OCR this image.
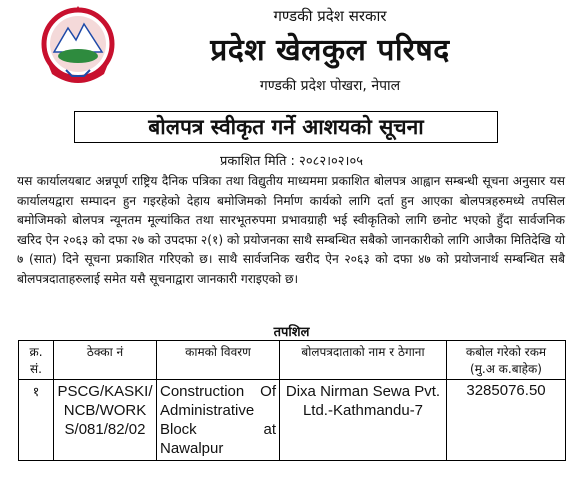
गण्डकी प्रदेश सरकार
प्रदेश खेलकुल परिषद
गण्डकी प्रदेश पोखरा, नेपाल
बोलपत्र स्वीकृत गर्ने आशयको सूचना
प्रकाशित मिति : २०८२।०२।०५

यस कार्यालयबाट अन्नपूर्ण राष्ट्रिय दैनिक पत्रिका तथा विद्युतीय माध्यममा प्रकाशित बोलपत्र आह्वान सम्बन्धी सूचना अनुसार यस कार्यालयद्वारा सम्पादन हुन गइरहेको देहाय बमोजिमको निर्माण कार्यको लागि दर्ता हुन आएका बोलपत्रहरुमध्ये तपसिल बमोजिमको बोलपत्र न्यूनतम मूल्यांकित तथा सारभूतरुपमा प्रभावग्राही भई स्वीकृतिको लागि छनोट भएको हुँदा सार्वजनिक खरिद ऐन २०६३ को दफा २७ को उपदफा २(१) को प्रयोजनका साथै सम्बन्धित सबैको जानकारीको लागि आजैका मितिदेखि यो ७ (सात) दिने सूचना प्रकाशित गरिएको छ। साथै सार्वजनिक खरीद ऐन २०६३ को दफा ४७ को प्रयोजनार्थ सम्बन्धित सबै बोलपत्रदाताहरुलाई समेत यसै सूचनाद्वारा जानकारी गराइएको छ।

तपशिल
क्र. सं.	ठेक्का नं	कामको विवरण	बोलपत्रदाताको नाम र ठेगाना	कबोल गरेको रकम
(मु.अ क.बाहेक)

१	PSCG/KASKI/NCB/WORKS/081/82/02	Construction Of Administrative Block at Nawalpur	Dixa Nirman Sewa Pvt. Ltd.-Kathmandu-7	3285076.50
